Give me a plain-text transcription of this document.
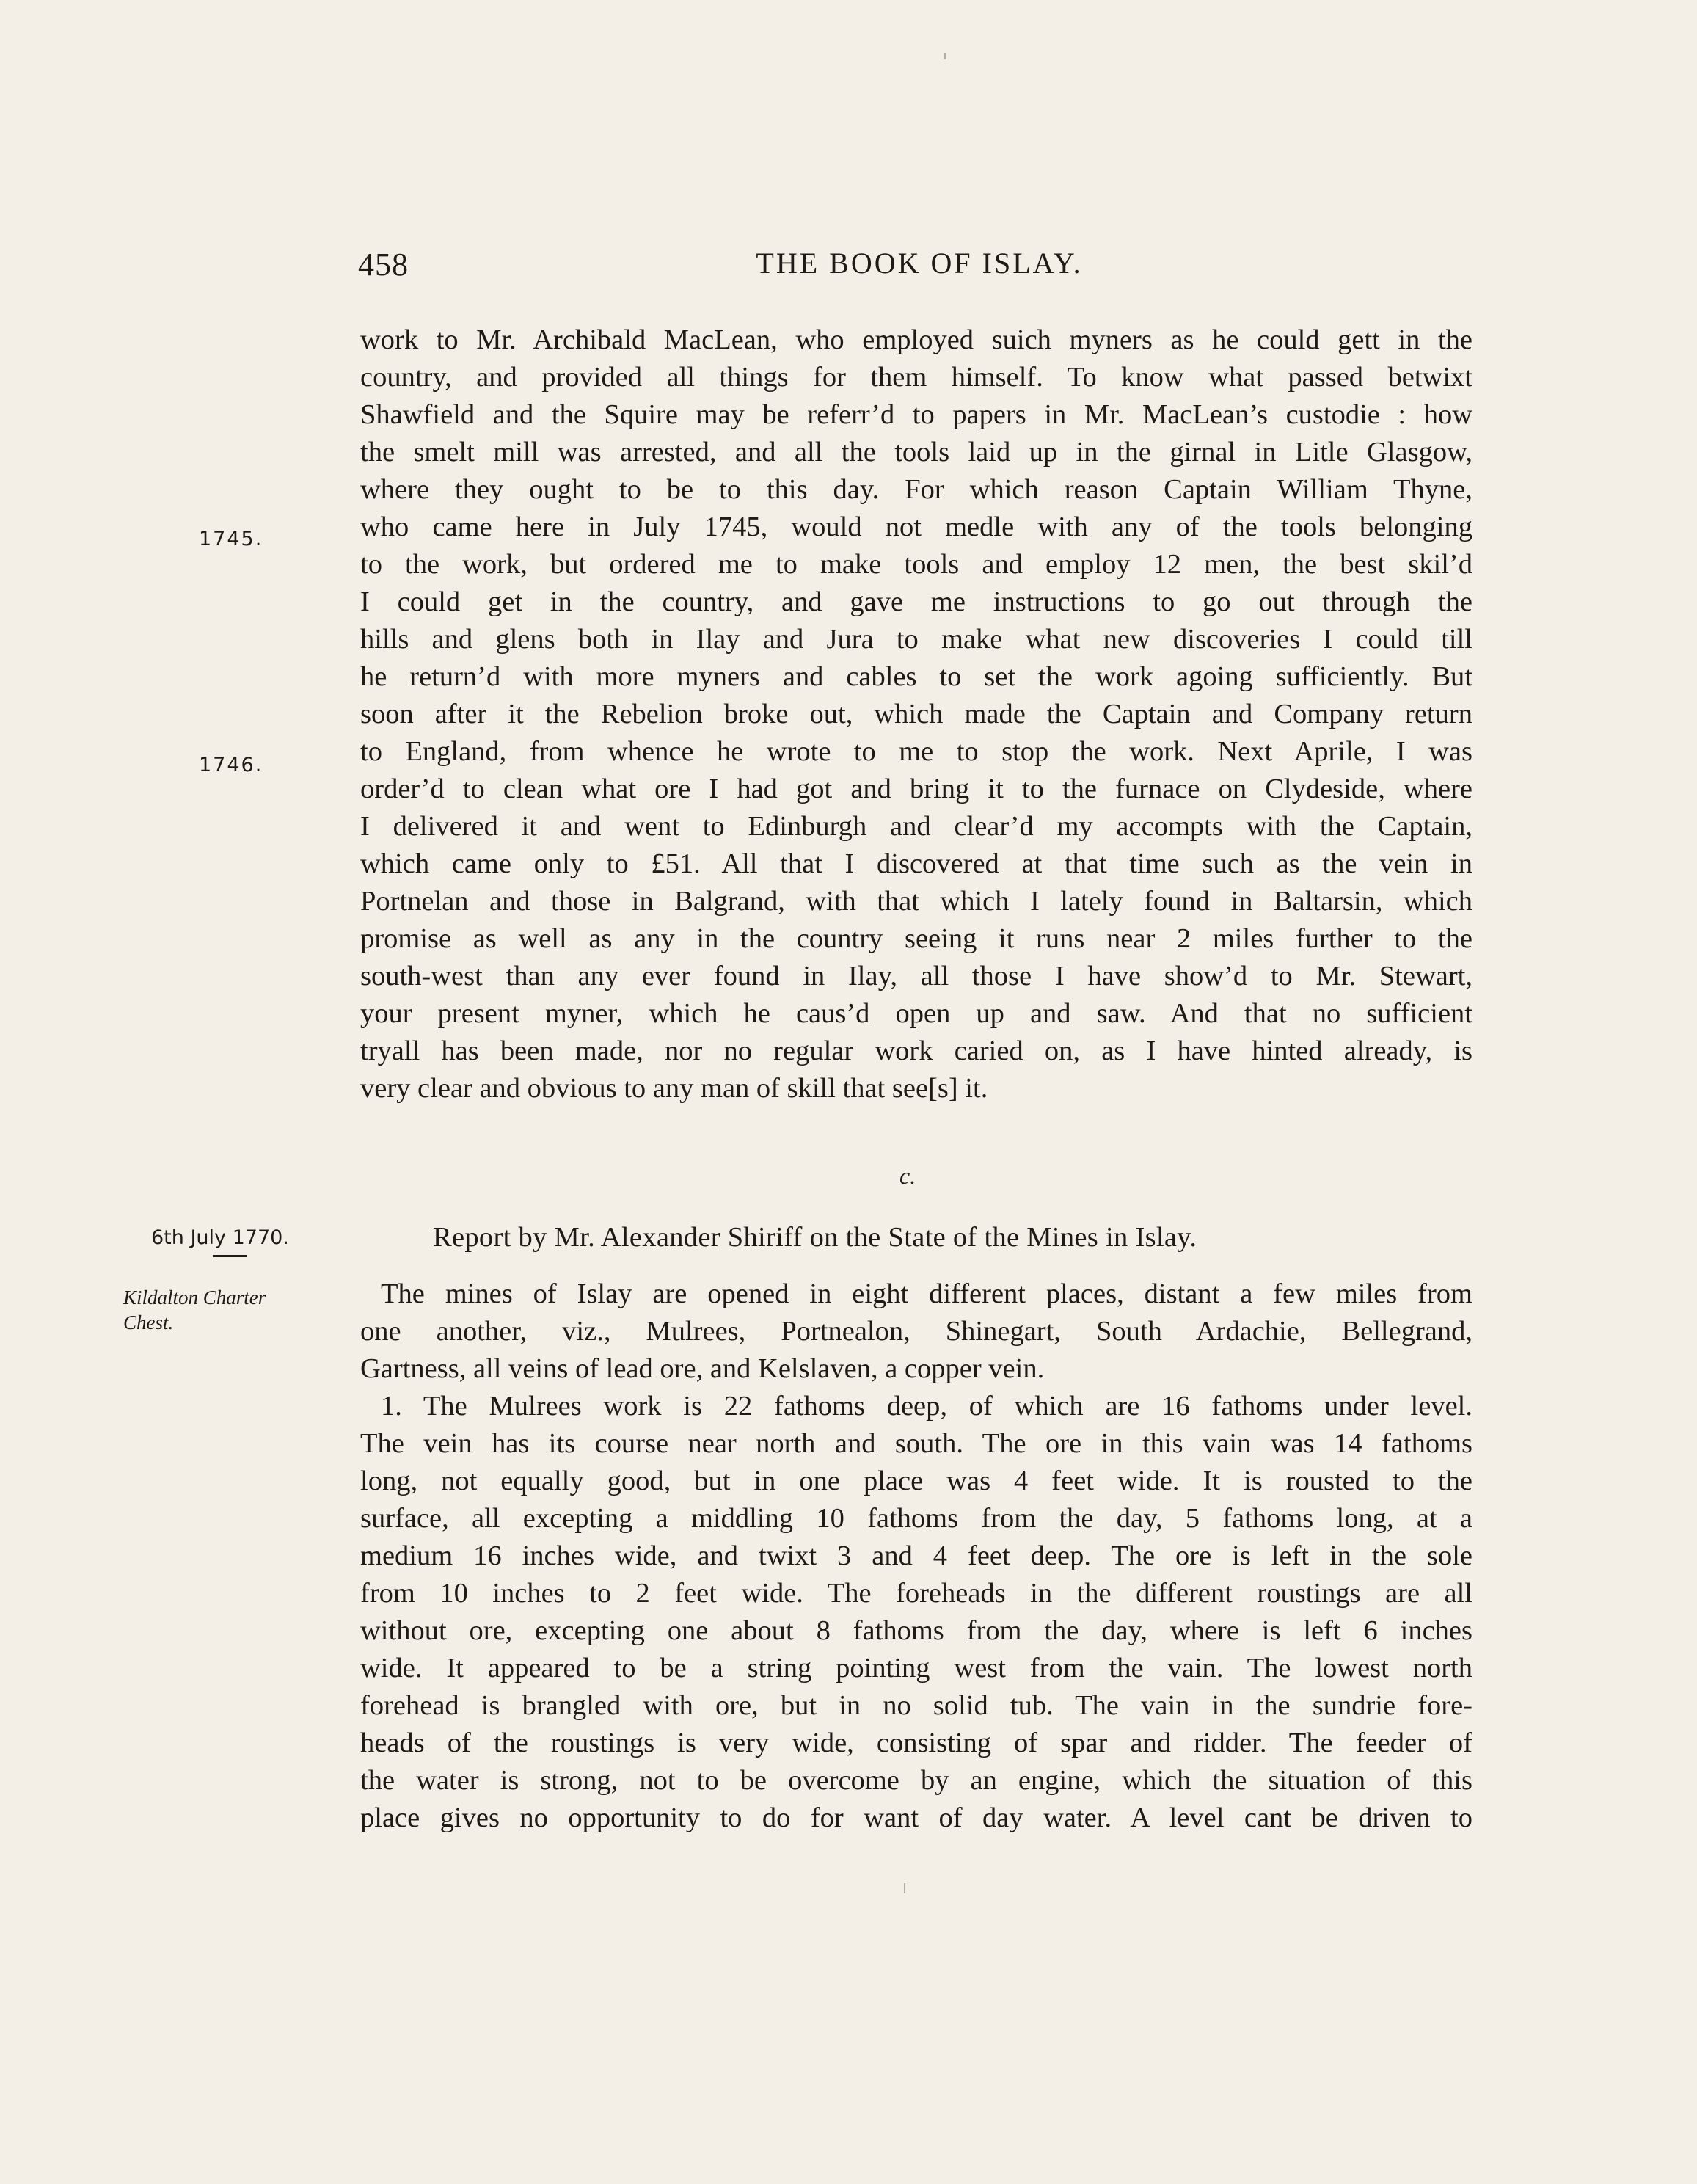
458	THE BOOK OF ISLAY.
1745.
1746.
work to Mr. Archibald MacLean, who employed suich myners as he could gett in the
country, and provided all things for them himself. To know what passed betwixt
Shawfield and the Squire may be referr’d to papers in Mr. MacLean’s custodie : how
the smelt mill was arrested, and all the tools laid up in the girnal in Litle Glasgow,
where they ought to be to this day. For which reason Captain William Thyne,
who came here in July 1745, would not medle with any of the tools belonging
to the work, but ordered me to make tools and employ 12 men, the best skil’d
I could get in the country, and gave me instructions to go out through the
hills and glens both in Ilay and Jura to make what new discoveries I could till
he return’d with more myners and cables to set the work agoing sufficiently. But
soon after it the Rebelion broke out, which made the Captain and Company return
to England, from whence he wrote to me to stop the work. Next Aprile, I was
order’d to clean what ore I had got and bring it to the furnace on Clydeside, where
I delivered it and went to Edinburgh and clear’d my accompts with the Captain,
which came only to £51. All that I discovered at that time such as the vein in
Portnelan and those in Balgrand, with that which I lately found in Baltarsin, which
promise as well as any in the country seeing it runs near 2 miles further to the
south-west than any ever found in Ilay, all those I have show’d to Mr. Stewart,
your present myner, which he caus’d open up and saw. And that no sufficient
tryall has been made, nor no regular work caried on, as I have hinted already, is
very clear and obvious to any man of skill that see[s] it.
c.
6th July 1770.
Kildalton Charter
Chest.
Report by Mr. Alexander Shiriff on the State of the Mines in Islay.
The mines of Islay are opened in eight different places, distant a few miles from
one another, viz., Mulrees, Portnealon, Shinegart, South Ardachie, Bellegrand,
Gartness, all veins of lead ore, and Kelslaven, a copper vein.
1. The Mulrees work is 22 fathoms deep, of which are 16 fathoms under level.
The vein has its course near north and south. The ore in this vain was 14 fathoms
long, not equally good, but in one place was 4 feet wide. It is rousted to the
surface, all excepting a middling 10 fathoms from the day, 5 fathoms long, at a
medium 16 inches wide, and twixt 3 and 4 feet deep. The ore is left in the sole
from 10 inches to 2 feet wide. The foreheads in the different roustings are all
without ore, excepting one about 8 fathoms from the day, where is left 6 inches
wide. It appeared to be a string pointing west from the vain. The lowest north
forehead is brangled with ore, but in no solid tub. The vain in the sundrie fore-
heads of the roustings is very wide, consisting of spar and ridder. The feeder of
the water is strong, not to be overcome by an engine, which the situation of this
place gives no opportunity to do for want of day water. A level cant be driven to
